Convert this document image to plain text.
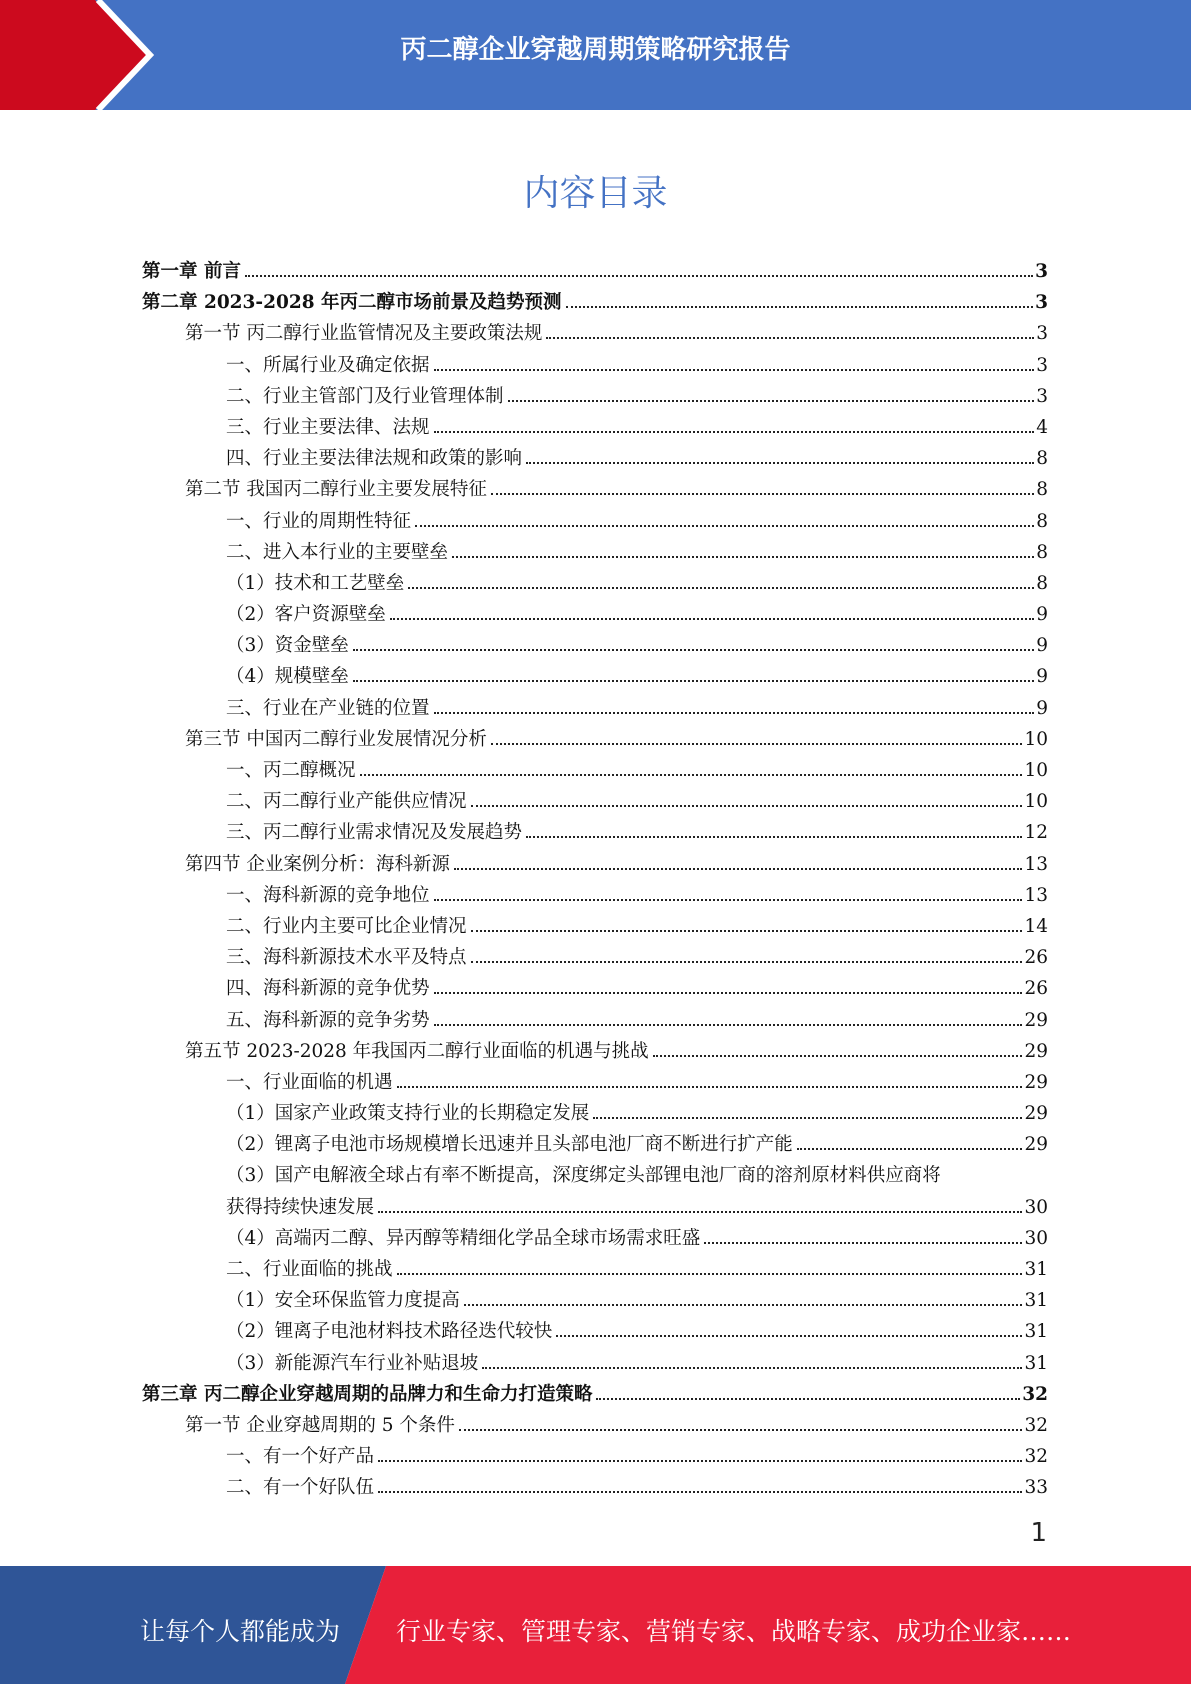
丙二醇企业穿越周期策略研究报告
内容目录
第一章 前言	3
第二章 2023-2028 年丙二醇市场前景及趋势预测	3
第一节 丙二醇行业监管情况及主要政策法规	3
一、所属行业及确定依据	3
二、行业主管部门及行业管理体制	3
三、行业主要法律、法规	4
四、行业主要法律法规和政策的影响	8
第二节 我国丙二醇行业主要发展特征	8
一、行业的周期性特征	8
二、进入本行业的主要壁垒	8
（1）技术和工艺壁垒	8
（2）客户资源壁垒	9
（3）资金壁垒	9
（4）规模壁垒	9
三、行业在产业链的位置	9
第三节 中国丙二醇行业发展情况分析	10
一、丙二醇概况	10
二、丙二醇行业产能供应情况	10
三、丙二醇行业需求情况及发展趋势	12
第四节 企业案例分析：海科新源	13
一、海科新源的竞争地位	13
二、行业内主要可比企业情况	14
三、海科新源技术水平及特点	26
四、海科新源的竞争优势	26
五、海科新源的竞争劣势	29
第五节 2023-2028 年我国丙二醇行业面临的机遇与挑战	29
一、行业面临的机遇	29
（1）国家产业政策支持行业的长期稳定发展	29
（2）锂离子电池市场规模增长迅速并且头部电池厂商不断进行扩产能	29
（3）国产电解液全球占有率不断提高，深度绑定头部锂电池厂商的溶剂原材料供应商将
获得持续快速发展	30
（4）高端丙二醇、异丙醇等精细化学品全球市场需求旺盛	30
二、行业面临的挑战	31
（1）安全环保监管力度提高	31
（2）锂离子电池材料技术路径迭代较快	31
（3）新能源汽车行业补贴退坡	31
第三章 丙二醇企业穿越周期的品牌力和生命力打造策略	32
第一节 企业穿越周期的 5 个条件	32
一、有一个好产品	32
二、有一个好队伍	33
1
让每个人都能成为 行业专家、管理专家、营销专家、战略专家、成功企业家……
